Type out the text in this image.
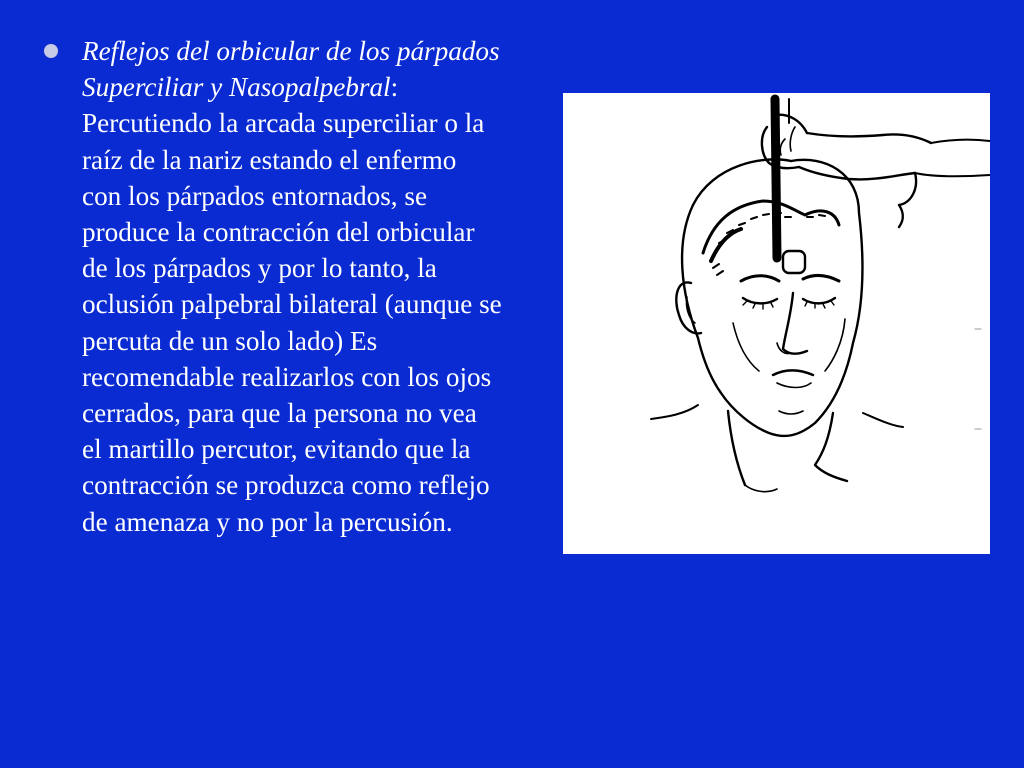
Reflejos del orbicular de los párpados Superciliar y Nasopalpebral: Percutiendo la arcada superciliar o la raíz de la nariz estando el enfermo con los párpados entornados, se produce la contracción del orbicular de los párpados y por lo tanto, la oclusión palpebral bilateral (aunque se percuta de un solo lado) Es recomendable realizarlos con los ojos cerrados, para que la persona no vea el martillo percutor, evitando que la contracción se produzca como reflejo de amenaza y no por la percusión.
